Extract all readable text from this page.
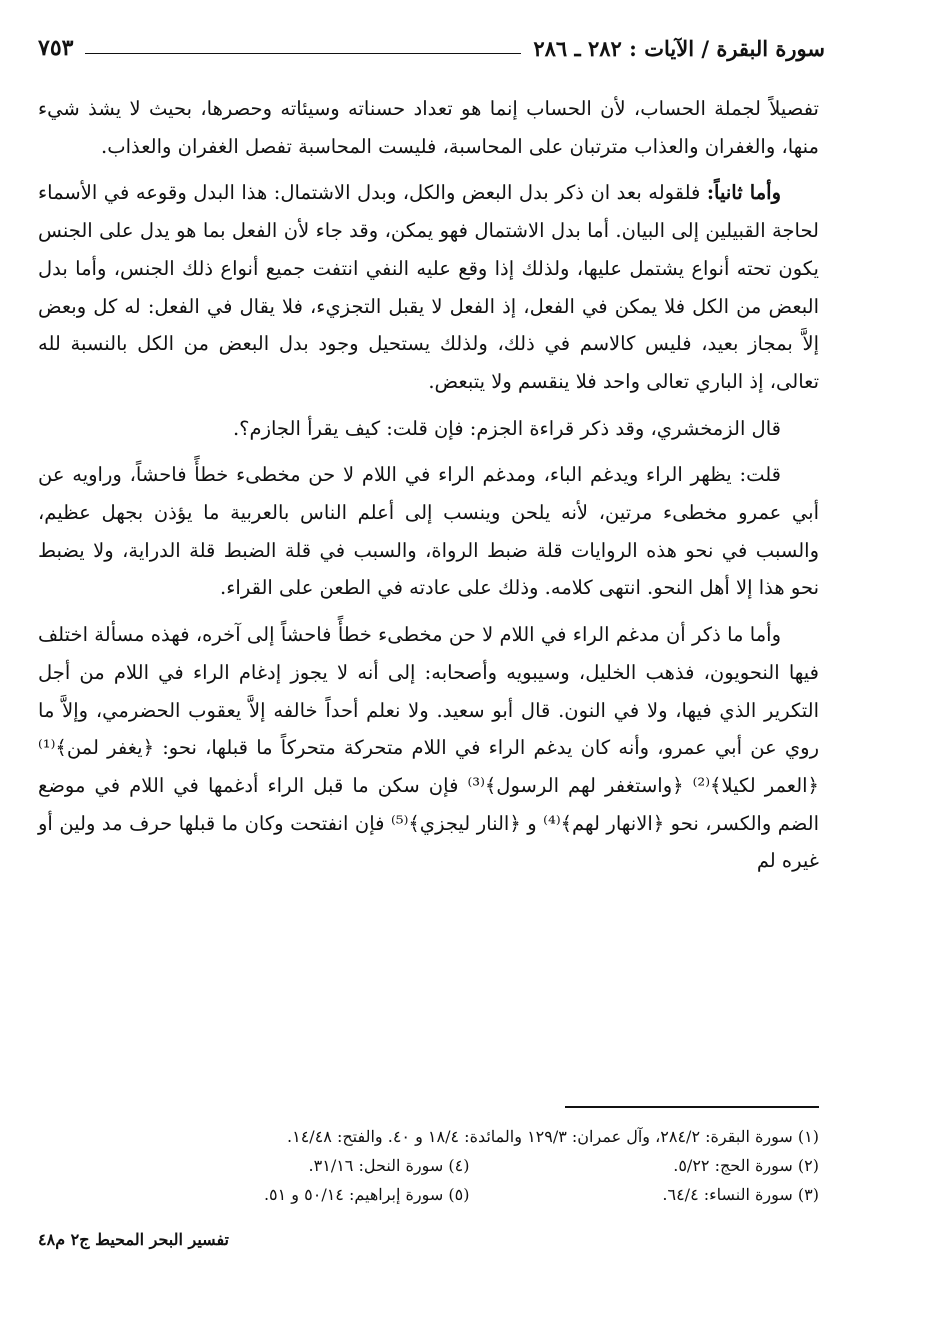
سورة البقرة / الآيات : ٢٨٢ ـ ٢٨٦
٧٥٣

تفصيلاً لجملة الحساب، لأن الحساب إنما هو تعداد حسناته وسيئاته وحصرها، بحيث لا يشذ شيء منها، والغفران والعذاب مترتبان على المحاسبة، فليست المحاسبة تفصل الغفران والعذاب.

وأما ثانياً: فلقوله بعد ان ذكر بدل البعض والكل، وبدل الاشتمال: هذا البدل وقوعه في الأسماء لحاجة القبيلين إلى البيان. أما بدل الاشتمال فهو يمكن، وقد جاء لأن الفعل بما هو يدل على الجنس يكون تحته أنواع يشتمل عليها، ولذلك إذا وقع عليه النفي انتفت جميع أنواع ذلك الجنس، وأما بدل البعض من الكل فلا يمكن في الفعل، إذ الفعل لا يقبل التجزيء، فلا يقال في الفعل: له كل وبعض إلاَّ بمجاز بعيد، فليس كالاسم في ذلك، ولذلك يستحيل وجود بدل البعض من الكل بالنسبة لله تعالى، إذ الباري تعالى واحد فلا ينقسم ولا يتبعض.

قال الزمخشري، وقد ذكر قراءة الجزم: فإن قلت: كيف يقرأ الجازم؟.

قلت: يظهر الراء ويدغم الباء، ومدغم الراء في اللام لا حن مخطىء خطأً فاحشاً، وراويه عن أبي عمرو مخطىء مرتين، لأنه يلحن وينسب إلى أعلم الناس بالعربية ما يؤذن بجهل عظيم، والسبب في نحو هذه الروايات قلة ضبط الرواة، والسبب في قلة الضبط قلة الدراية، ولا يضبط نحو هذا إلا أهل النحو. انتهى كلامه. وذلك على عادته في الطعن على القراء.

وأما ما ذكر أن مدغم الراء في اللام لا حن مخطىء خطأً فاحشاً إلى آخره، فهذه مسألة اختلف فيها النحويون، فذهب الخليل، وسيبويه وأصحابه: إلى أنه لا يجوز إدغام الراء في اللام من أجل التكرير الذي فيها، ولا في النون. قال أبو سعيد. ولا نعلم أحداً خالفه إلاَّ يعقوب الحضرمي، وإلاَّ ما روي عن أبي عمرو، وأنه كان يدغم الراء في اللام متحركة متحركاً ما قبلها، نحو: ﴿يغفر لمن﴾⁽¹⁾ ﴿العمر لكيلا﴾⁽²⁾ ﴿واستغفر لهم الرسول﴾⁽³⁾ فإن سكن ما قبل الراء أدغمها في اللام في موضع الضم والكسر، نحو ﴿الانهار لهم﴾⁽⁴⁾ و ﴿النار ليجزي﴾⁽⁵⁾ فإن انفتحت وكان ما قبلها حرف مد ولين أو غيره لم

(١) سورة البقرة: ٢٨٤/٢، وآل عمران: ١٢٩/٣ والمائدة: ١٨/٤ و ٤٠. والفتح: ١٤/٤٨.
(٢) سورة الحج: ٥/٢٢.
(٤) سورة النحل: ٣١/١٦.
(٣) سورة النساء: ٦٤/٤.
(٥) سورة إبراهيم: ٥٠/١٤ و ٥١.
تفسير البحر المحيط ج٢ م٤٨
